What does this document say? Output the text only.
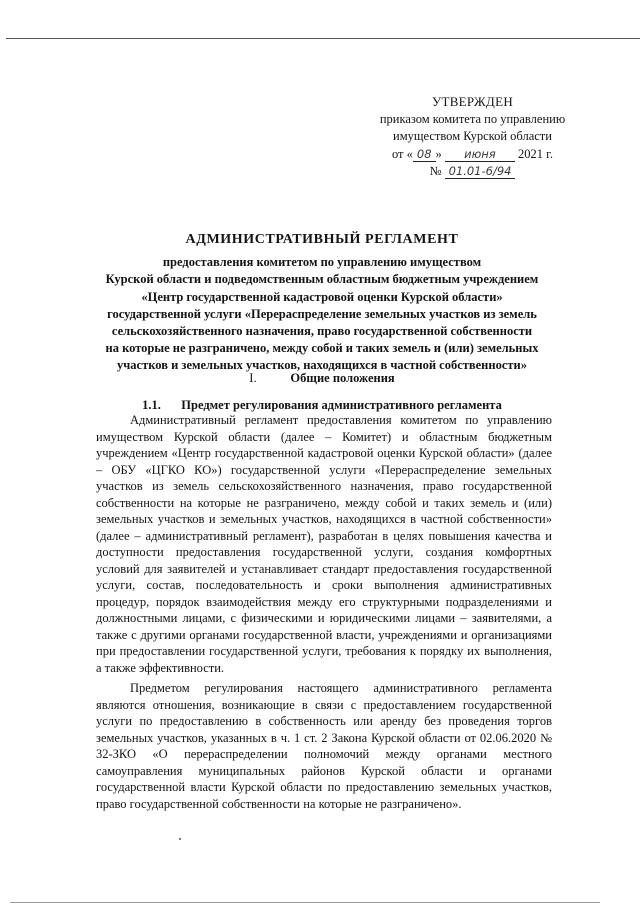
УТВЕРЖДЕН
приказом комитета по управлению
имуществом Курской области
от « 08 » июня 2021 г.
№ 01.01-6/94
АДМИНИСТРАТИВНЫЙ РЕГЛАМЕНТ
предоставления комитетом по управлению имуществом
Курской области и подведомственным областным бюджетным учреждением
«Центр государственной кадастровой оценки Курской области»
государственной услуги «Перераспределение земельных участков из земель
сельскохозяйственного назначения, право государственной собственности
на которые не разграничено, между собой и таких земель и (или) земельных
участков и земельных участков, находящихся в частной собственности»
I.	Общие положения
1.1. Предмет регулирования административного регламента

Административный регламент предоставления комитетом по управлению имуществом Курской области (далее – Комитет) и областным бюджетным учреждением «Центр государственной кадастровой оценки Курской области» (далее – ОБУ «ЦГКО КО») государственной услуги «Перераспределение земельных участков из земель сельскохозяйственного назначения, право государственной собственности на которые не разграничено, между собой и таких земель и (или) земельных участков и земельных участков, находящихся в частной собственности» (далее – административный регламент), разработан в целях повышения качества и доступности предоставления государственной услуги, создания комфортных условий для заявителей и устанавливает стандарт предоставления государственной услуги, состав, последовательность и сроки выполнения административных процедур, порядок взаимодействия между его структурными подразделениями и должностными лицами, с физическими и юридическими лицами – заявителями, а также с другими органами государственной власти, учреждениями и организациями при предоставлении государственной услуги, требования к порядку их выполнения, а также эффективности.

Предметом регулирования настоящего административного регламента являются отношения, возникающие в связи с предоставлением государственной услуги по предоставлению в собственность или аренду без проведения торгов земельных участков, указанных в ч. 1 ст. 2 Закона Курской области от 02.06.2020 № 32-ЗКО «О перераспределении полномочий между органами местного самоуправления муниципальных районов Курской области и органами государственной власти Курской области по предоставлению земельных участков, право государственной собственности на которые не разграничено».
